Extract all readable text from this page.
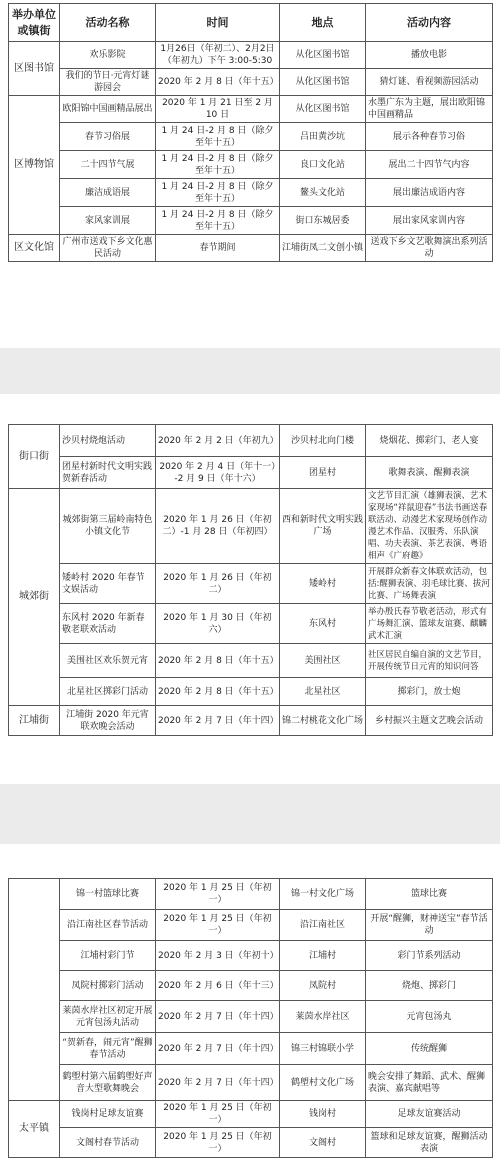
举办单位或镇街	活动名称	时间	地点	活动内容
区图书馆	欢乐影院	1月26日（年初二）、2月2日（年初九）下午 3:00-5:30	从化区图书馆	播放电影
	我们的节日·元宵灯谜游园会	2020 年 2 月 8 日（年十五）	从化区图书馆	猜灯谜、看视频游园活动
区博物馆	欧阳锦中国画精品展出	2020 年 1 月 21 日至 2 月 10 日	从化区图书馆	水墨广东为主题，展出欧阳锦中国画精品
	春节习俗展	1 月 24 日-2 月 8 日（除夕至年十五）	吕田黄沙坑	展示各种春节习俗
	二十四节气展	1 月 24 日-2 月 8 日（除夕至年十五）	良口文化站	展出二十四节气内容
	廉洁成语展	1 月 24 日-2 月 8 日（除夕至年十五）	鳌头文化站	展出廉洁成语内容
	家风家训展	1 月 24 日-2 月 8 日（除夕至年十五）	街口东城居委	展出家风家训内容
区文化馆	广州市送戏下乡文化惠民活动	春节期间	江埔街凤二文创小镇	送戏下乡文艺歌舞演出系列活动
街口街	沙贝村烧炮活动	2020 年 2 月 2 日（年初九）	沙贝村北向门楼	烧烟花、掷彩门、老人宴
	团星村新时代文明实践贺新春活动	2020 年 2 月 4 日（年十一）-2 月 9 日（年十六）	团星村	歌舞表演、醒狮表演
城郊街	城郊街第三届岭南特色小镇文化节	2020 年 1 月 26 日（年初二）-1 月 28 日（年初四）	西和新时代文明实践广场	文艺节目汇演（雄狮表演、艺术家现场“祥鼠迎春”书法书画送春联活动、动漫艺术家现场创作动漫艺术作品、汉服秀、乐队演唱、功夫表演、茶艺表演、粤语相声《广府趣》
	矮岭村 2020 年春节文娱活动	2020 年 1 月 26 日（年初二）	矮岭村	开展群众新春文体联欢活动，包括:醒狮表演、羽毛球比赛、拔河比赛、广场舞表演
	东风村 2020 年新春敬老联欢活动	2020 年 1 月 30 日（年初六）	东风村	举办殷氏春节敬老活动，形式有广场舞汇演、篮球友谊赛、麒麟武术汇演
	美围社区欢乐贺元宵	2020 年 2 月 8 日（年十五）	美围社区	社区居民自编自演的文艺节目，开展传统节日元宵的知识问答
	北星社区掷彩门活动	2020 年 2 月 8 日（年十五）	北星社区	掷彩门，放士炮
江埔街	江埔街 2020 年元宵联欢晚会活动	2020 年 2 月 7 日（年十四）	锦二村桃花文化广场	乡村振兴主题文艺晚会活动
	锦一村篮球比赛	2020 年 1 月 25 日（年初一）	锦一村文化广场	篮球比赛
	沿江南社区春节活动	2020 年 1 月 25 日（年初一）	沿江南社区	开展“醒狮，财神送宝”春节活动
	江埔村彩门节	2020 年 2 月 3 日（年初十）	江埔村	彩门节系列活动
	凤院村掷彩门活动	2020 年 2 月 6 日（年十三）	凤院村	烧炮、掷彩门
	莱茵水岸社区初定开展元宵包汤丸活动	2020 年 2 月 7 日（年十四）	莱茵水岸社区	元宵包汤丸
	“贺新春，闹元宵”醒狮春节活动	2020 年 2 月 7 日（年十四）	锦三村锦联小学	传统醒狮
	鹤塱村第六届鹤塱好声音大型歌舞晚会	2020 年 2 月 7 日（年十四）	鹤塱村文化广场	晚会安排了舞蹈、武术、醒狮表演、嘉宾献唱等
太平镇	钱岗村足球友谊赛	2020 年 1 月 25 日（年初一）	钱岗村	足球友谊赛活动
	文阁村春节活动	2020 年 1 月 25 日（年初一）	文阁村	篮球和足球友谊赛，醒狮活动表演
